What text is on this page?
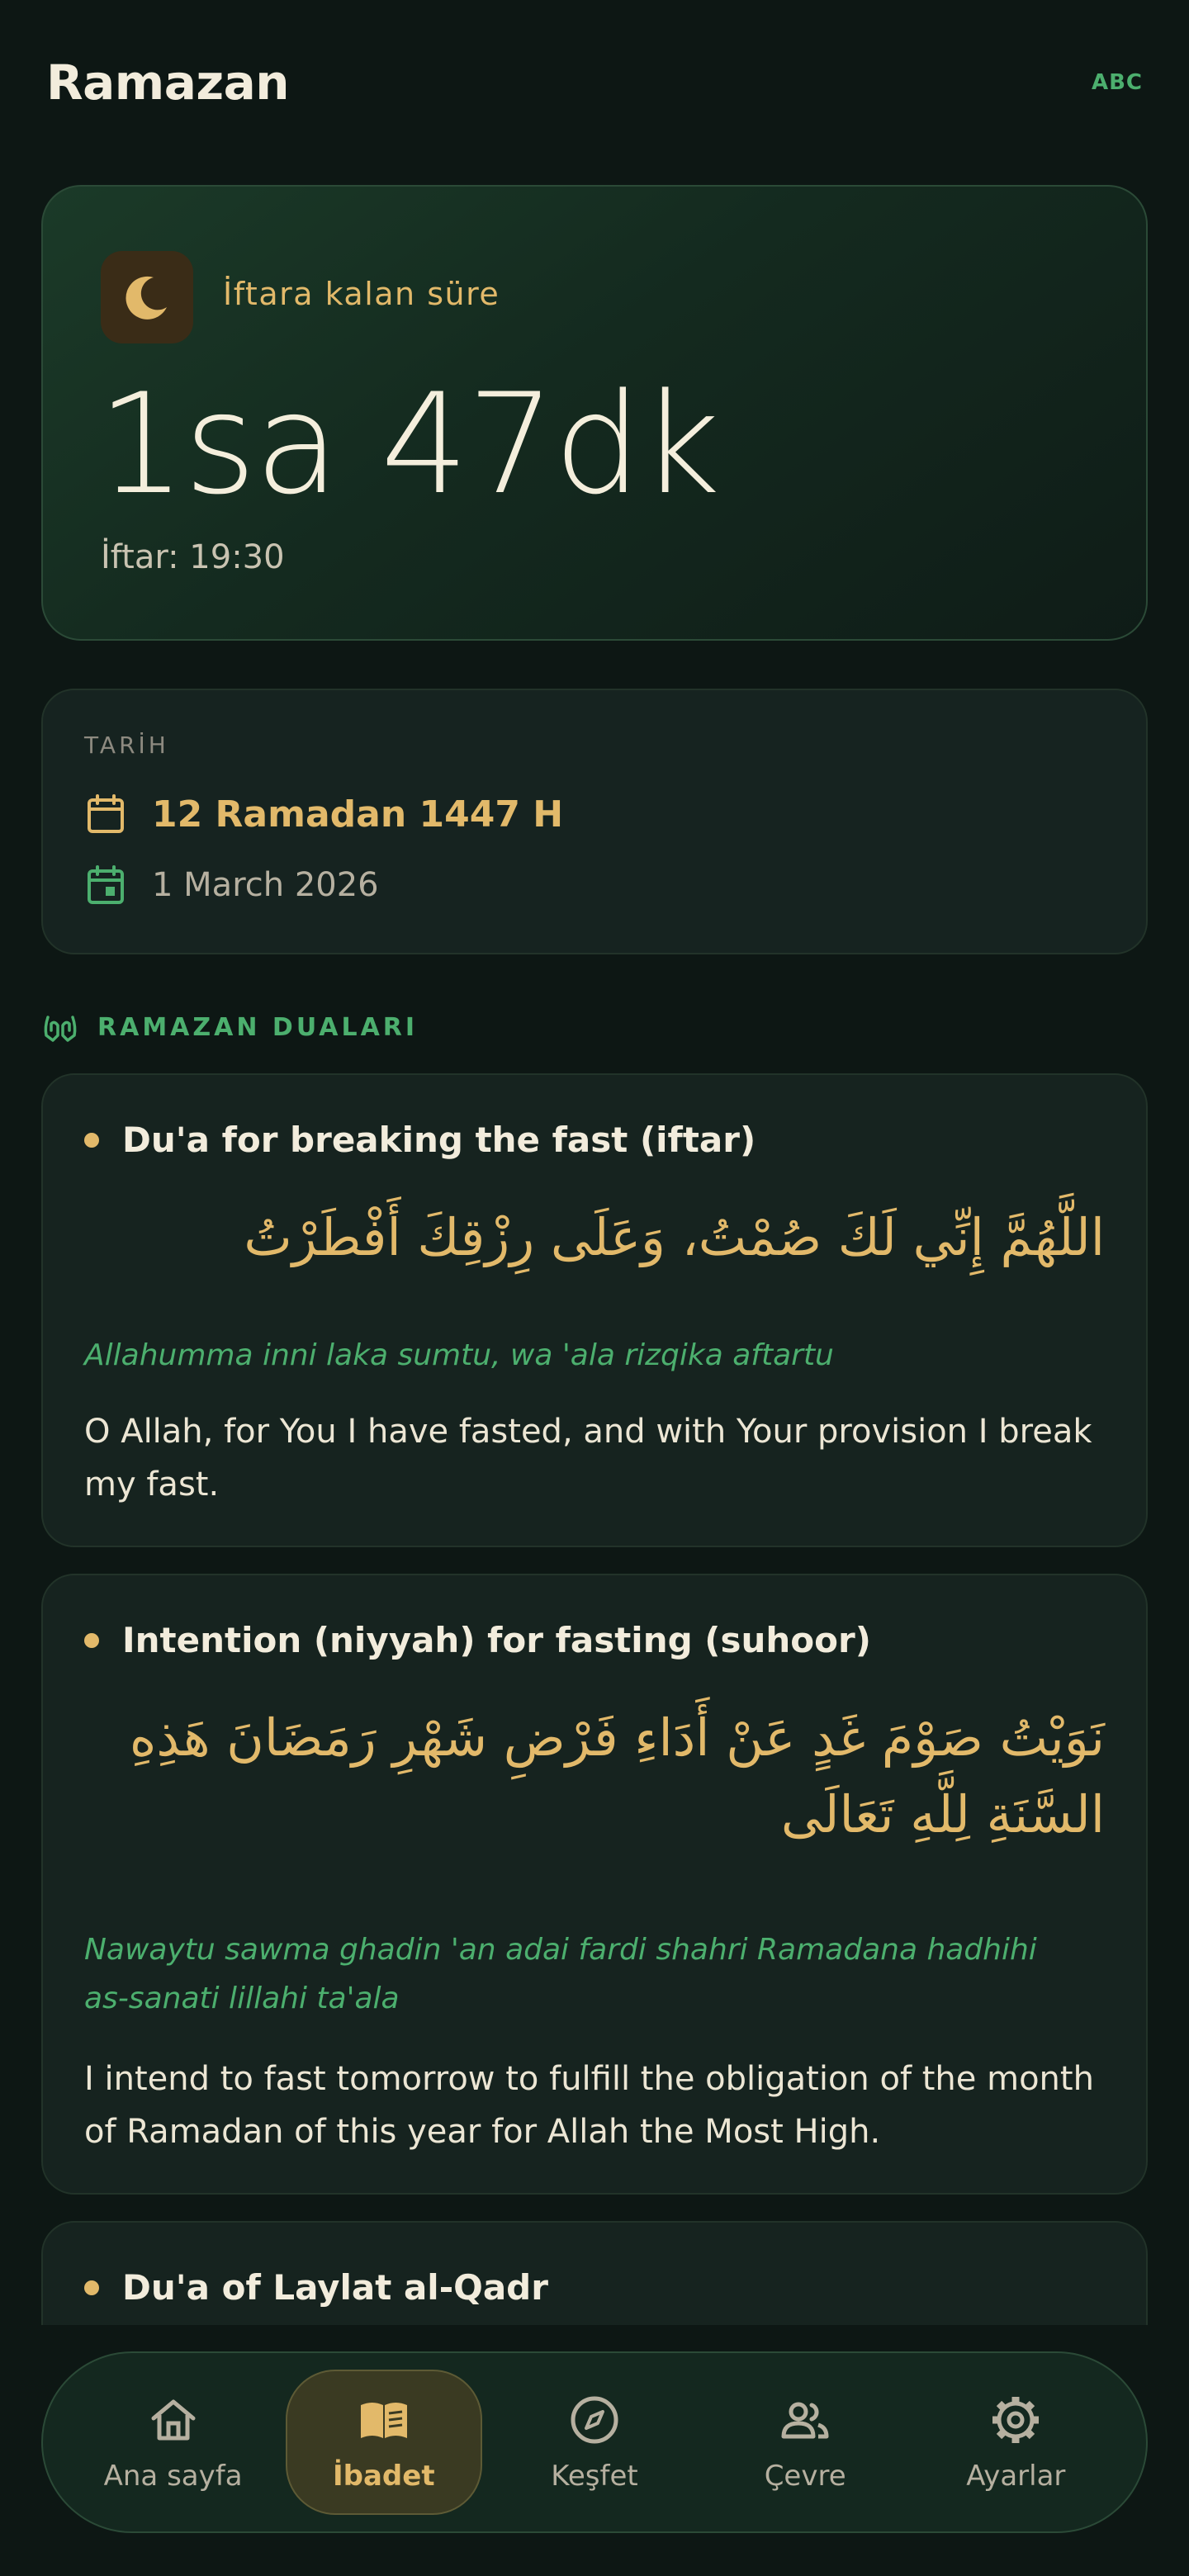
Ramazan	ABC
İftara kalan süre
1sa 47dk
İftar: 19:30
TARİH
12 Ramadan 1447 H
1 March 2026
RAMAZAN DUALARI
Du'a for breaking the fast (iftar)
اللَّهُمَّ إِنِّي لَكَ صُمْتُ، وَعَلَى رِزْقِكَ أَفْطَرْتُ
Allahumma inni laka sumtu, wa 'ala rizqika aftartu
O Allah, for You I have fasted, and with Your provision I break my fast.
Intention (niyyah) for fasting (suhoor)
نَوَيْتُ صَوْمَ غَدٍ عَنْ أَدَاءِ فَرْضِ شَهْرِ رَمَضَانَ هَذِهِ السَّنَةِ لِلَّهِ تَعَالَى
Nawaytu sawma ghadin 'an adai fardi shahri Ramadana hadhihi as-sanati lillahi ta'ala
I intend to fast tomorrow to fulfill the obligation of the month of Ramadan of this year for Allah the Most High.
Du'a of Laylat al-Qadr
Ana sayfa	İbadet	Keşfet	Çevre	Ayarlar
